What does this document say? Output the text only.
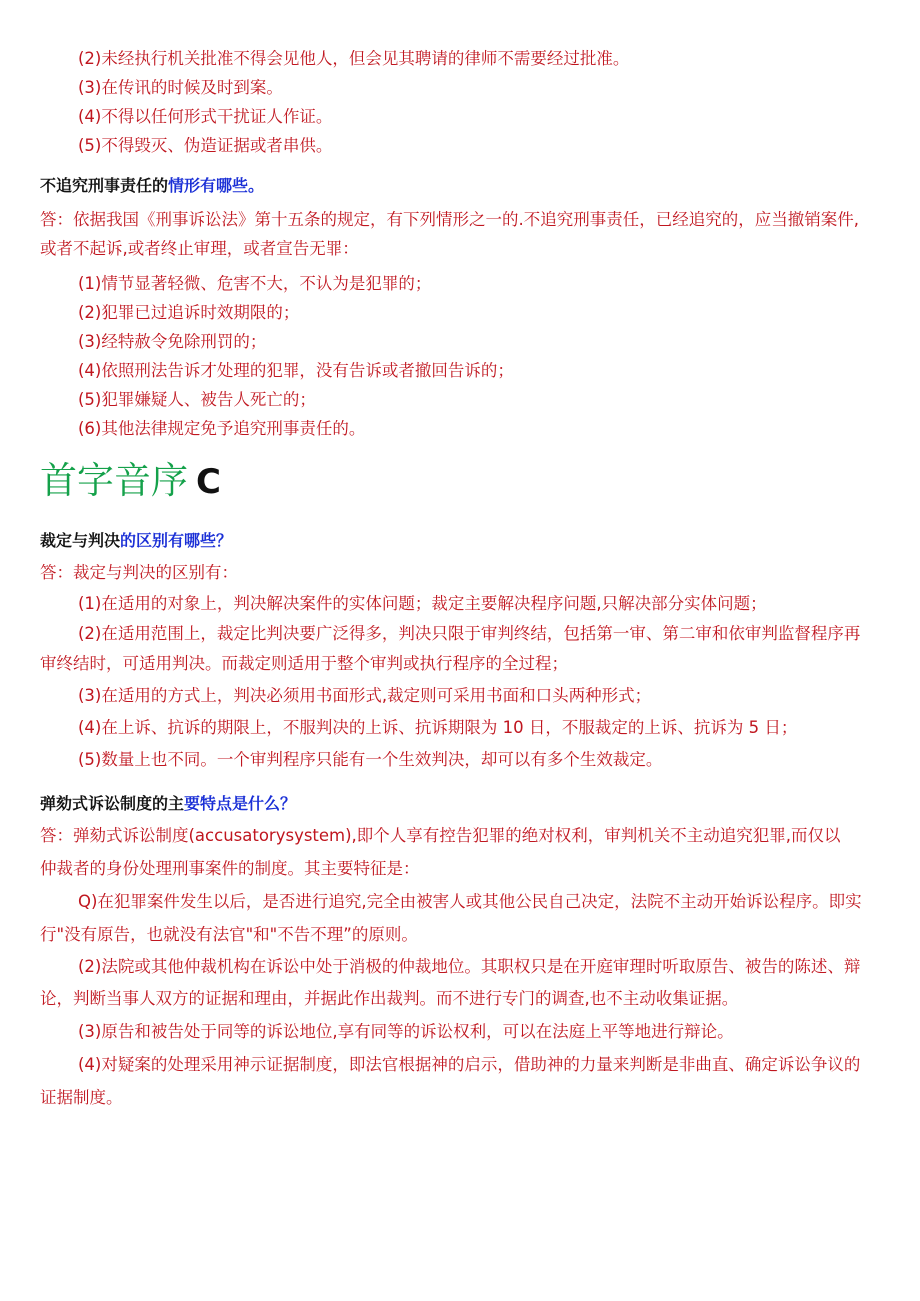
(2)未经执行机关批准不得会见他人，但会见其聘请的律师不需要经过批准。
(3)在传讯的时候及时到案。
(4)不得以任何形式干扰证人作证。
(5)不得毁灭、伪造证据或者串供。
不追究刑事责任的情形有哪些。
答：依据我国《刑事诉讼法》第十五条的规定，有下列情形之一的.不追究刑事责任，已经追究的，应当撤销案件,
或者不起诉,或者终止审理，或者宣告无罪：
(1)情节显著轻微、危害不大，不认为是犯罪的；
(2)犯罪已过追诉时效期限的；
(3)经特赦令免除刑罚的；
(4)依照刑法告诉才处理的犯罪，没有告诉或者撤回告诉的；
(5)犯罪嫌疑人、被告人死亡的；
(6)其他法律规定免予追究刑事责任的。
首字音序 C
裁定与判决的区别有哪些？
答：裁定与判决的区别有：
(1)在适用的对象上，判决解决案件的实体问题；裁定主要解决程序问题,只解决部分实体问题；
(2)在适用范围上，裁定比判决要广泛得多，判决只限于审判终结，包括第一审、第二审和依审判监督程序再
审终结时，可适用判决。而裁定则适用于整个审判或执行程序的全过程；
(3)在适用的方式上，判决必须用书面形式,裁定则可采用书面和口头两种形式；
(4)在上诉、抗诉的期限上，不服判决的上诉、抗诉期限为 10 日，不服裁定的上诉、抗诉为 5 日；
(5)数量上也不同。一个审判程序只能有一个生效判决，却可以有多个生效裁定。
弹劾式诉讼制度的主要特点是什么？
答：弹劾式诉讼制度(accusatorysystem),即个人享有控告犯罪的绝对权利，审判机关不主动追究犯罪,而仅以
仲裁者的身份处理刑事案件的制度。其主要特征是：
Q)在犯罪案件发生以后，是否进行追究,完全由被害人或其他公民自己决定，法院不主动开始诉讼程序。即实
行"没有原告，也就没有法官"和"不告不理”的原则。
(2)法院或其他仲裁机构在诉讼中处于消极的仲裁地位。其职权只是在开庭审理时听取原告、被告的陈述、辩
论，判断当事人双方的证据和理由，并据此作出裁判。而不进行专门的调查,也不主动收集证据。
(3)原告和被告处于同等的诉讼地位,享有同等的诉讼权利，可以在法庭上平等地进行辩论。
(4)对疑案的处理采用神示证据制度，即法官根据神的启示，借助神的力量来判断是非曲直、确定诉讼争议的
证据制度。
